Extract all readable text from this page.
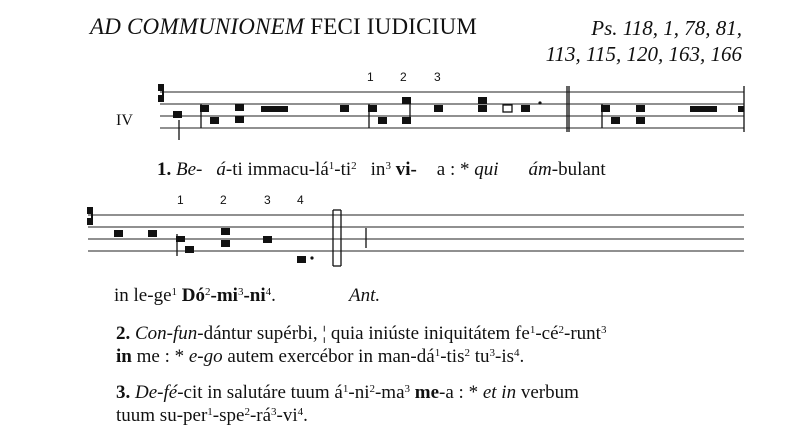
AD COMMUNIONEM FECI IUDICIUM	Ps. 118, 1, 78, 81,
113, 115, 120, 163, 166
IV
1 2 3
1	2	3 4
1. Be- á-ti immacu-$lá^1-ti^2$ $in^3$ vi- a : * qui ám-bulant
in $le-ge^1$ $Dó^2-mi^3-ni^4$.	Ant.
2. Con-fun-dántur supérbi, ¦ quia iniúste iniquitátem $fe^1-cé^2-runt^3$
in me : * e-go autem exercébor in man-$dá^1-tis^2$ $tu^3-is^4$.
3. De-fé-cit in salutáre tuum $á^1-ni^2-ma^3$ me-a : * et in verbum
tuum $su-per^1-spe^2-rá^3-vi^4$.
